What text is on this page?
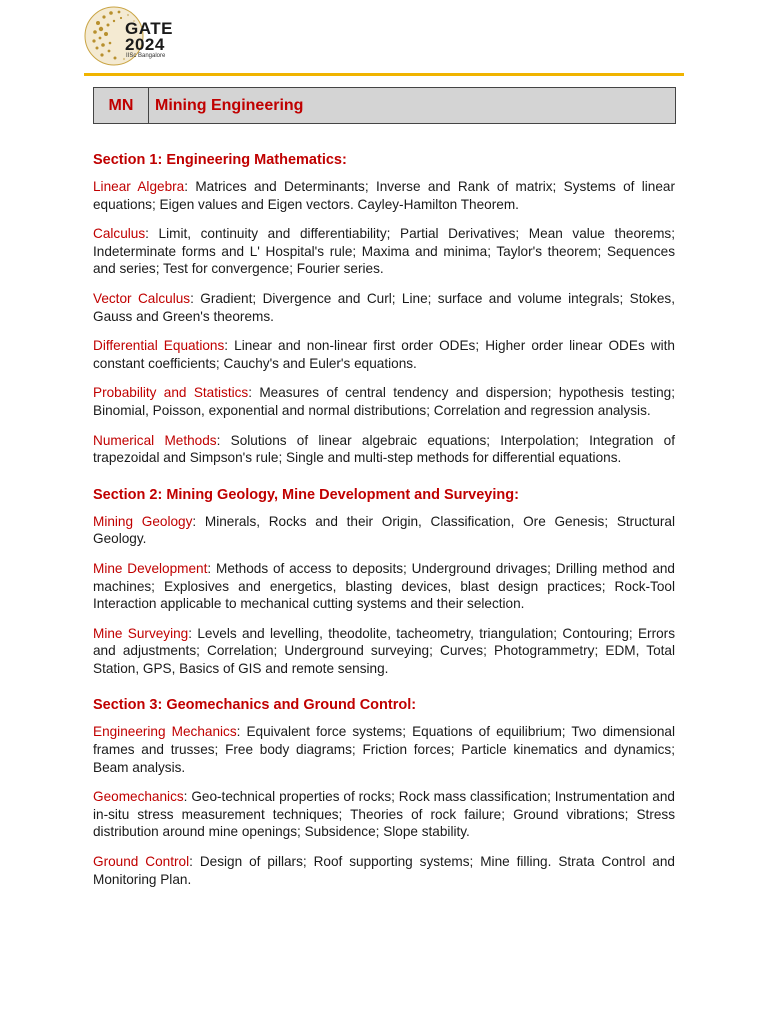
GATE
2024
IISc Bangalore
MN	Mining Engineering
Section 1: Engineering Mathematics:
Linear Algebra: Matrices and Determinants; Inverse and Rank of matrix; Systems of linear equations; Eigen values and Eigen vectors. Cayley-Hamilton Theorem.
Calculus: Limit, continuity and differentiability; Partial Derivatives; Mean value theorems; Indeterminate forms and L' Hospital's rule; Maxima and minima; Taylor's theorem; Sequences and series; Test for convergence; Fourier series.
Vector Calculus: Gradient; Divergence and Curl; Line; surface and volume integrals; Stokes, Gauss and Green's theorems.
Differential Equations: Linear and non-linear first order ODEs; Higher order linear ODEs with constant coefficients; Cauchy's and Euler's equations.
Probability and Statistics: Measures of central tendency and dispersion; hypothesis testing; Binomial, Poisson, exponential and normal distributions; Correlation and regression analysis.
Numerical Methods: Solutions of linear algebraic equations; Interpolation; Integration of trapezoidal and Simpson's rule; Single and multi-step methods for differential equations.
Section 2: Mining Geology, Mine Development and Surveying:
Mining Geology: Minerals, Rocks and their Origin, Classification, Ore Genesis; Structural Geology.
Mine Development: Methods of access to deposits; Underground drivages; Drilling method and machines; Explosives and energetics, blasting devices, blast design practices; Rock-Tool Interaction applicable to mechanical cutting systems and their selection.
Mine Surveying: Levels and levelling, theodolite, tacheometry, triangulation; Contouring; Errors and adjustments; Correlation; Underground surveying; Curves; Photogrammetry; EDM, Total Station, GPS, Basics of GIS and remote sensing.
Section 3: Geomechanics and Ground Control:
Engineering Mechanics: Equivalent force systems; Equations of equilibrium; Two dimensional frames and trusses; Free body diagrams; Friction forces; Particle kinematics and dynamics; Beam analysis.
Geomechanics: Geo-technical properties of rocks; Rock mass classification; Instrumentation and in-situ stress measurement techniques; Theories of rock failure; Ground vibrations; Stress distribution around mine openings; Subsidence; Slope stability.
Ground Control: Design of pillars; Roof supporting systems; Mine filling. Strata Control and Monitoring Plan.
